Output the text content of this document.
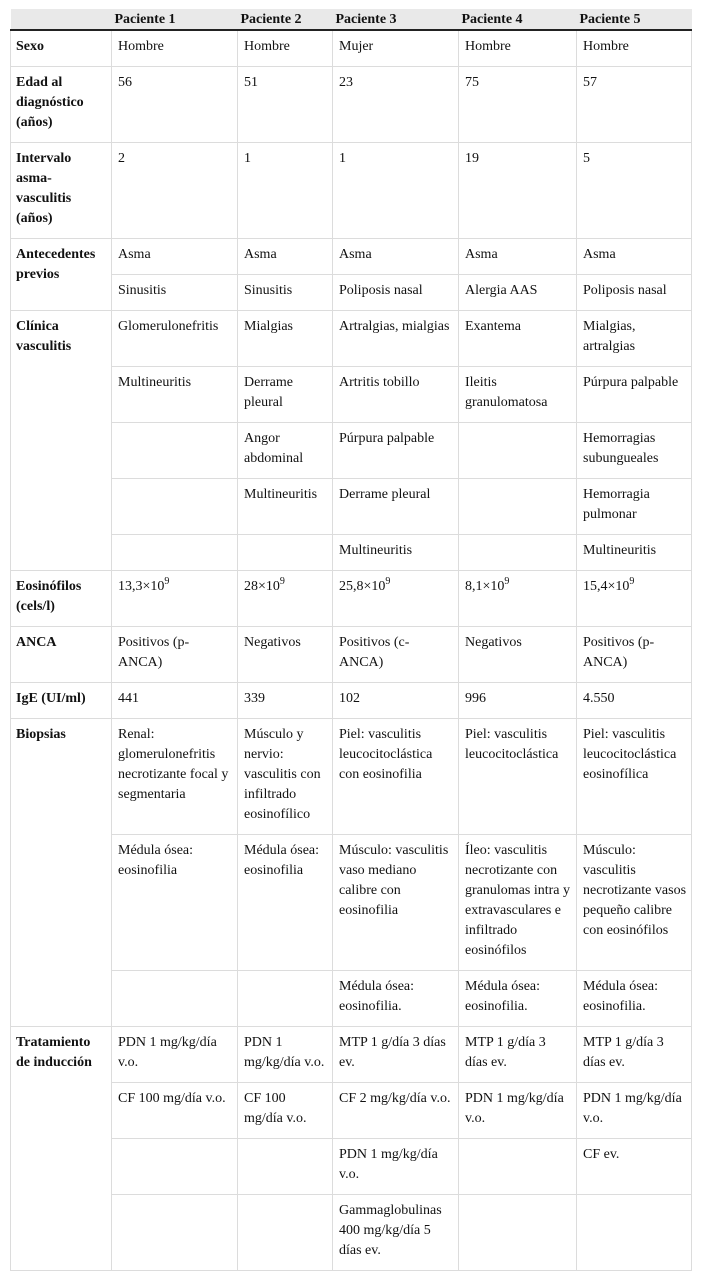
	Paciente 1	Paciente 2	Paciente 3	Paciente 4	Paciente 5
Sexo	Hombre	Hombre	Mujer	Hombre	Hombre
Edad al diagnóstico (años)	56	51	23	75	57
Intervalo asma-vasculitis (años)	2	1	1	19	5
Antecedentes previos	Asma	Asma	Asma	Asma	Asma
	Sinusitis	Sinusitis	Poliposis nasal	Alergia AAS	Poliposis nasal
Clínica vasculitis	Glomerulonefritis	Mialgias	Artralgias, mialgias	Exantema	Mialgias, artralgias
	Multineuritis	Derrame pleural	Artritis tobillo	Ileitis granulomatosa	Púrpura palpable
		Angor abdominal	Púrpura palpable		Hemorragias subungueales
		Multineuritis	Derrame pleural		Hemorragia pulmonar
			Multineuritis		Multineuritis
Eosinófilos (cels/l)	$13,3\times 10^9$	$28\times 10^9$	$25,8\times 10^9$	$8,1\times 10^9$	$15,4\times 10^9$
ANCA	Positivos (p-ANCA)	Negativos	Positivos (c-ANCA)	Negativos	Positivos (p-ANCA)
IgE (UI/ml)	441	339	102	996	4.550
Biopsias	Renal: glomerulonefritis necrotizante focal y segmentaria	Músculo y nervio: vasculitis con infiltrado eosinofílico	Piel: vasculitis leucocitoclástica con eosinofilia	Piel: vasculitis leucocitoclástica	Piel: vasculitis leucocitoclástica eosinofílica
	Médula ósea: eosinofilia	Médula ósea: eosinofilia	Músculo: vasculitis vaso mediano calibre con eosinofilia	Íleo: vasculitis necrotizante con granulomas intra y extravasculares e infiltrado eosinófilos	Músculo: vasculitis necrotizante vasos pequeño calibre con eosinófilos
			Médula ósea: eosinofilia.	Médula ósea: eosinofilia.	Médula ósea: eosinofilia.
Tratamiento de inducción	PDN 1 mg/kg/día v.o.	PDN 1 mg/kg/día v.o.	MTP 1 g/día 3 días ev.	MTP 1 g/día 3 días ev.	MTP 1 g/día 3 días ev.
	CF 100 mg/día v.o.	CF 100 mg/día v.o.	CF 2 mg/kg/día v.o.	PDN 1 mg/kg/día v.o.	PDN 1 mg/kg/día v.o.
			PDN 1 mg/kg/día v.o.		CF ev.
			Gammaglobulinas 400 mg/kg/día 5 días ev.		
